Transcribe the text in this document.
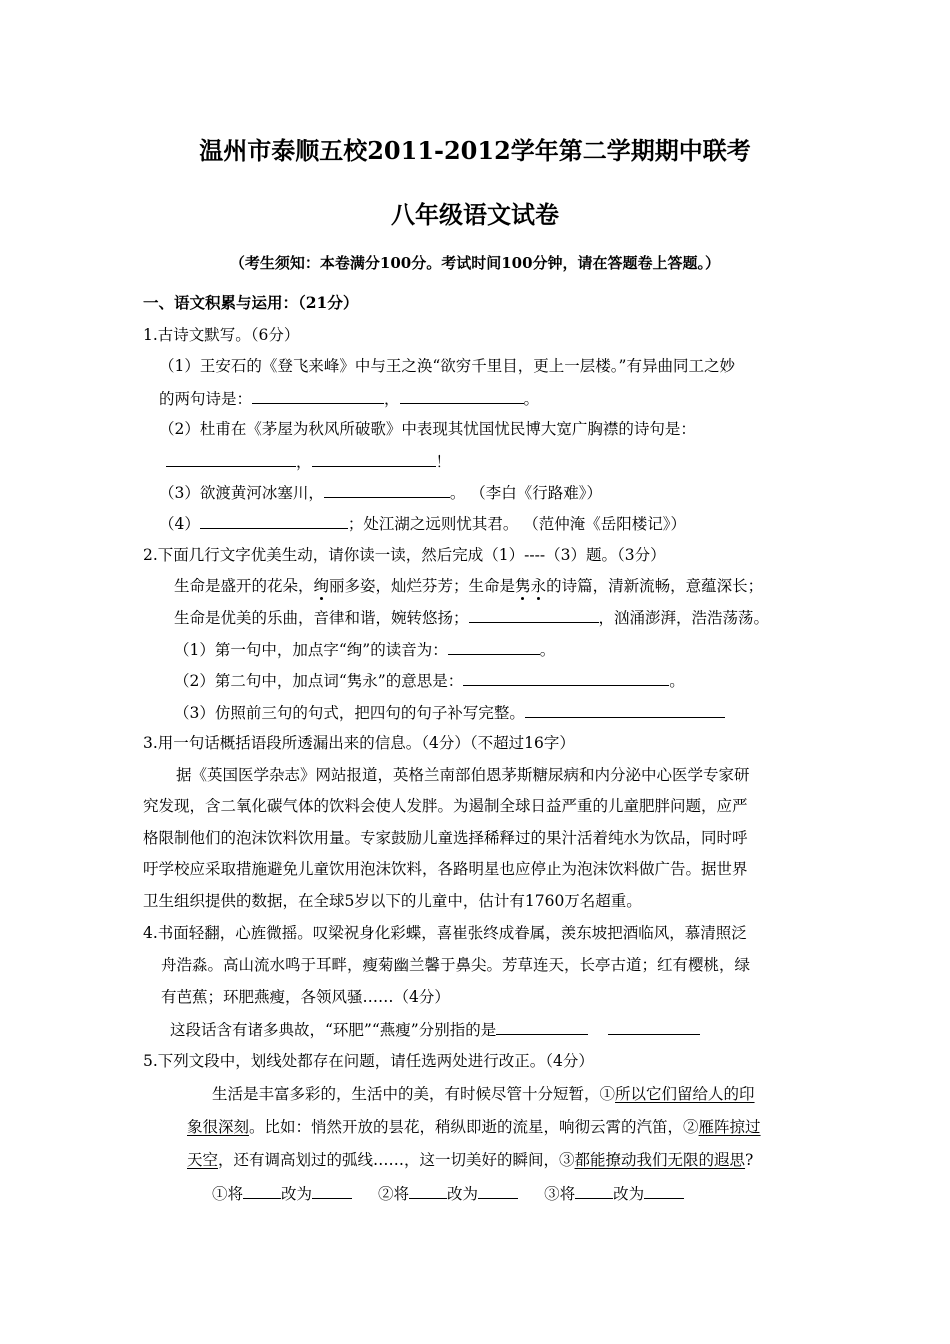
温州市泰顺五校2011-2012学年第二学期期中联考
八年级语文试卷
（考生须知：本卷满分100分。考试时间100分钟，请在答题卷上答题。）
一、语文积累与运用：（21分）
1.古诗文默写。（6分）
（1）王安石的《登飞来峰》中与王之涣“欲穷千里目，更上一层楼。”有异曲同工之妙
的两句诗是：	，	。
（2）杜甫在《茅屋为秋风所破歌》中表现其忧国忧民博大宽广胸襟的诗句是：
，	！
（3）欲渡黄河冰塞川，	。 （李白《行路难》）
（4）	；处江湖之远则忧其君。 （范仲淹《岳阳楼记》）
2.下面几行文字优美生动，请你读一读，然后完成（1）----（3）题。（3分）
生命是盛开的花朵，绚丽多姿，灿烂芬芳；生命是隽永的诗篇，清新流畅，意蕴深长；
生命是优美的乐曲，音律和谐，婉转悠扬；	，汹涌澎湃，浩浩荡荡。
（1）第一句中，加点字“绚”的读音为：	。
（2）第二句中，加点词“隽永”的意思是：	。
（3）仿照前三句的句式，把四句的句子补写完整。
3.用一句话概括语段所透漏出来的信息。（4分）（不超过16字）
据《英国医学杂志》网站报道，英格兰南部伯恩茅斯糖尿病和内分泌中心医学专家研
究发现，含二氧化碳气体的饮料会使人发胖。为遏制全球日益严重的儿童肥胖问题，应严
格限制他们的泡沫饮料饮用量。专家鼓励儿童选择稀释过的果汁活着纯水为饮品，同时呼
吁学校应采取措施避免儿童饮用泡沫饮料，各路明星也应停止为泡沫饮料做广告。据世界
卫生组织提供的数据，在全球5岁以下的儿童中，估计有1760万名超重。
4.书面轻翻，心旌微摇。叹梁祝身化彩蝶，喜崔张终成眷属，羡东坡把酒临风，慕清照泛
舟浩淼。高山流水鸣于耳畔，瘦菊幽兰馨于鼻尖。芳草连天，长亭古道；红有樱桃，绿
有芭蕉；环肥燕瘦，各领风骚……（4分）
这段话含有诸多典故，“环肥”“燕瘦”分别指的是
5.下列文段中，划线处都存在问题，请任选两处进行改正。（4分）
生活是丰富多彩的，生活中的美，有时候尽管十分短暂，①所以它们留给人的印
象很深刻。比如：悄然开放的昙花，稍纵即逝的流星，响彻云霄的汽笛，②雁阵掠过
天空，还有调高划过的弧线……，这一切美好的瞬间，③都能撩动我们无限的遐思?
①将 改为	②将 改为	③将 改为
